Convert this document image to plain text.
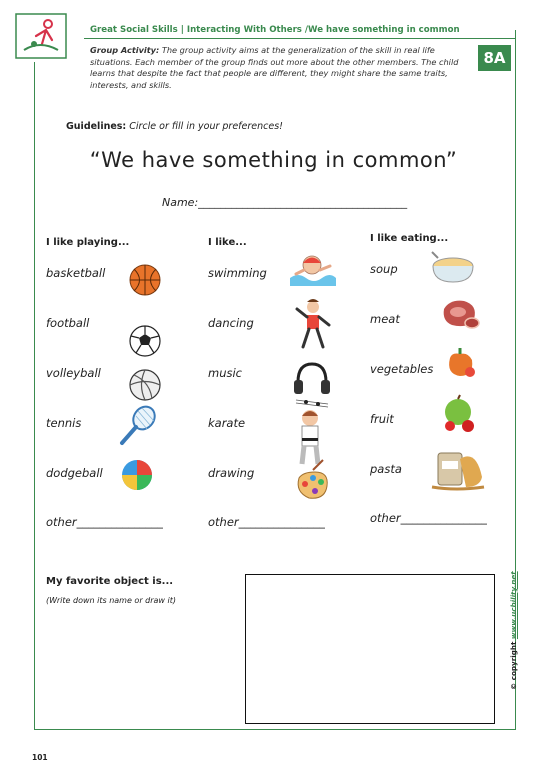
Great Social Skills | Interacting With Others /We have something in common
8A
Group Activity: The group activity aims at the generalization of the skill in real life situations. Each member of the group finds out more about the other members. The child learns that despite the fact that people are different, they might share the same traits, interests, and skills.
Guidelines: Circle or fill in your preferences!
“We have something in common”
Name:______________________________________
I like playing...
basketball
football
volleyball
tennis
dodgeball
other_______________
I like...
swimming
dancing
music
karate
drawing
other_______________
I like eating...
soup
meat
vegetables
fruit
pasta
other_______________
My favorite object is...
(Write down its name or draw it)
© copyright www.ucbility.net
101
